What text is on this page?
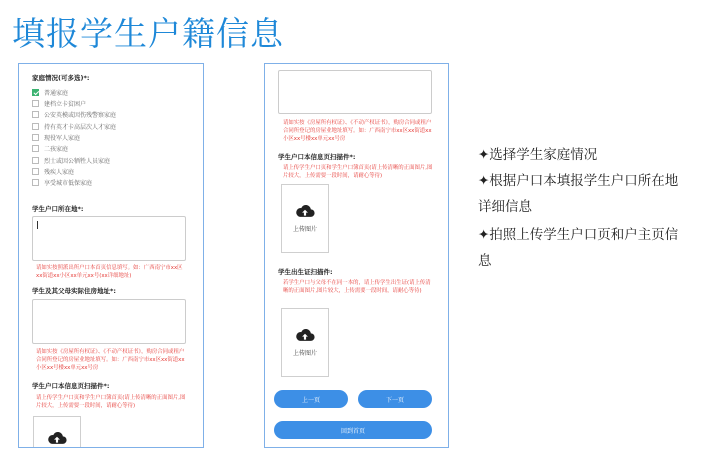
填报学生户籍信息
家庭情况(可多选)*:
普通家庭
建档立卡贫困户
公安英模或因伤残警察家庭
持有英才卡高层次人才家庭
现役军人家庭
二孩家庭
烈士或因公牺牲人员家庭
残疾人家庭
享受城市低保家庭
学生户口所在地*:
请如实按照派出所户口本首页信息填写。如：广西南宁市xx区xx街道xx小区xx单元xx号(xx详细地址)
学生及其父母实际住房地址*:
请如实按《房屋所有权证》、《不动产权证书》，购房合同或租户合同所登记的房屋业地址填写。如：广西南宁市xx区xx街道xx小区xx号楼xx单元xx号房
学生户口本信息页扫描件*:
请上传学生户口页和学生户口簿首页(请上传清晰的正面图片,图片较大，上传需要一段时间，请耐心等待)
请如实按《房屋所有权证》、《不动产权证书》，购房合同或租户合同所登记的房屋业地址填写。如：广西南宁市xx区xx街道xx小区xx号楼xx单元xx号房
学生户口本信息页扫描件*:
请上传学生户口页和学生户口簿首页(请上传清晰的正面图片,图片较大，上传需要一段时间，请耐心等待)
上传图片
学生出生证扫描件:
若学生户口与父母不在同一本的，请上传学生出生证(请上传清晰的正面图片,图片较大，上传需要一段时间，请耐心等待)
上传图片
上一页	下一页
回到首页
✦选择学生家庭情况
✦根据户口本填报学生户口所在地
详细信息
✦拍照上传学生户口页和户主页信
息
